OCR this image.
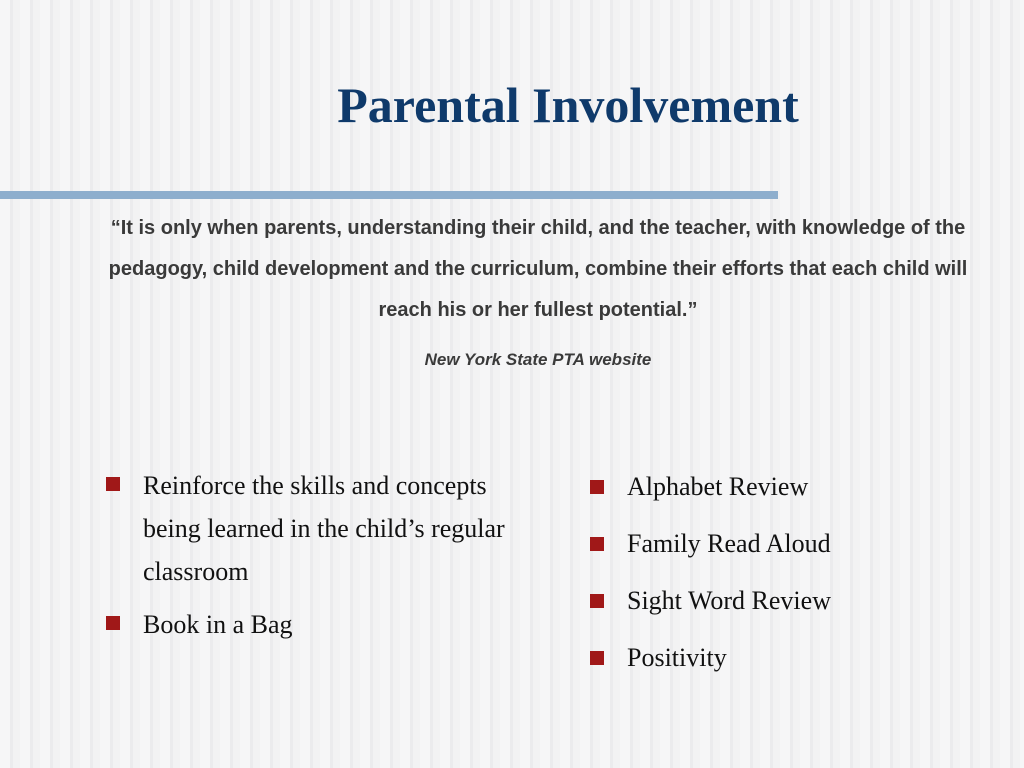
Parental Involvement

“It is only when parents, understanding their child, and the teacher, with knowledge of the pedagogy, child development and the curriculum, combine their efforts that each child will reach his or her fullest potential.”

New York State PTA website

Reinforce the skills and concepts being learned in the child’s regular classroom
Book in a Bag
Alphabet Review
Family Read Aloud
Sight Word Review
Positivity
